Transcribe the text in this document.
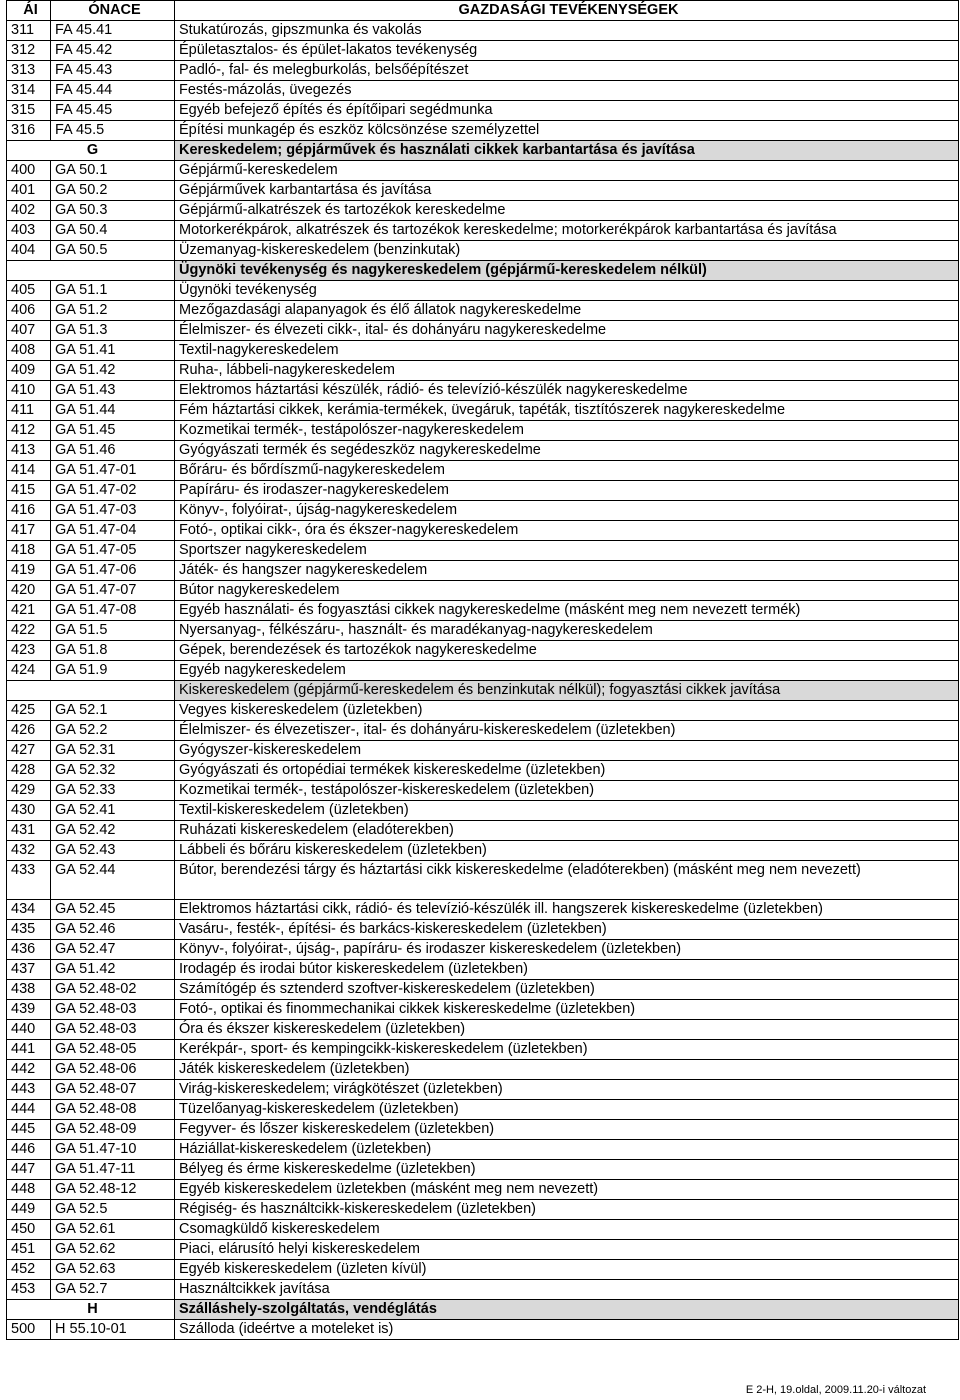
ÁI	ÓNACE	GAZDASÁGI TEVÉKENYSÉGEK
311	FA 45.41	Stukatúrozás, gipszmunka és vakolás
312	FA 45.42	Épületasztalos- és épület-lakatos tevékenység
313	FA 45.43	Padló-, fal- és melegburkolás, belsőépítészet
314	FA 45.44	Festés-mázolás, üvegezés
315	FA 45.45	Egyéb befejező építés és építőipari segédmunka
316	FA 45.5	Építési munkagép és eszköz kölcsönzése személyzettel
G		Kereskedelem; gépjárművek és használati cikkek karbantartása és javítása
400	GA 50.1	Gépjármű-kereskedelem
401	GA 50.2	Gépjárművek karbantartása és javítása
402	GA 50.3	Gépjármű-alkatrészek és tartozékok kereskedelme
403	GA 50.4	Motorkerékpárok, alkatrészek és tartozékok kereskedelme; motorkerékpárok karbantartása és javítása
404	GA 50.5	Üzemanyag-kiskereskedelem (benzinkutak)
		Ügynöki tevékenység és nagykereskedelem (gépjármű-kereskedelem nélkül)
405	GA 51.1	Ügynöki tevékenység
406	GA 51.2	Mezőgazdasági alapanyagok és élő állatok nagykereskedelme
407	GA 51.3	Élelmiszer- és élvezeti cikk-, ital- és dohányáru nagykereskedelme
408	GA 51.41	Textil-nagykereskedelem
409	GA 51.42	Ruha-, lábbeli-nagykereskedelem
410	GA 51.43	Elektromos háztartási készülék, rádió- és televízió-készülék nagykereskedelme
411	GA 51.44	Fém háztartási cikkek, kerámia-termékek, üvegáruk, tapéták, tisztítószerek nagykereskedelme
412	GA 51.45	Kozmetikai termék-, testápolószer-nagykereskedelem
413	GA 51.46	Gyógyászati termék és segédeszköz nagykereskedelme
414	GA 51.47-01	Bőráru- és bőrdíszmű-nagykereskedelem
415	GA 51.47-02	Papíráru- és irodaszer-nagykereskedelem
416	GA 51.47-03	Könyv-, folyóirat-, újság-nagykereskedelem
417	GA 51.47-04	Fotó-, optikai cikk-, óra és ékszer-nagykereskedelem
418	GA 51.47-05	Sportszer nagykereskedelem
419	GA 51.47-06	Játék- és hangszer nagykereskedelem
420	GA 51.47-07	Bútor nagykereskedelem
421	GA 51.47-08	Egyéb használati- és fogyasztási cikkek nagykereskedelme (másként meg nem nevezett termék)
422	GA 51.5	Nyersanyag-, félkészáru-, használt- és maradékanyag-nagykereskedelem
423	GA 51.8	Gépek, berendezések és tartozékok nagykereskedelme
424	GA 51.9	Egyéb nagykereskedelem
		Kiskereskedelem (gépjármű-kereskedelem és benzinkutak nélkül); fogyasztási cikkek javítása
425	GA 52.1	Vegyes kiskereskedelem (üzletekben)
426	GA 52.2	Élelmiszer- és élvezetiszer-, ital- és dohányáru-kiskereskedelem (üzletekben)
427	GA 52.31	Gyógyszer-kiskereskedelem
428	GA 52.32	Gyógyászati és ortopédiai termékek kiskereskedelme (üzletekben)
429	GA 52.33	Kozmetikai termék-, testápolószer-kiskereskedelem (üzletekben)
430	GA 52.41	Textil-kiskereskedelem (üzletekben)
431	GA 52.42	Ruházati kiskereskedelem (eladóterekben)
432	GA 52.43	Lábbeli és bőráru kiskereskedelem (üzletekben)
433	GA 52.44	Bútor, berendezési tárgy és háztartási cikk kiskereskedelme (eladóterekben) (másként meg nem nevezett)
434	GA 52.45	Elektromos háztartási cikk, rádió- és televízió-készülék ill. hangszerek kiskereskedelme (üzletekben)
435	GA 52.46	Vasáru-, festék-, építési- és barkács-kiskereskedelem (üzletekben)
436	GA 52.47	Könyv-, folyóirat-, újság-, papíráru- és irodaszer kiskereskedelem (üzletekben)
437	GA 51.42	Irodagép és irodai bútor kiskereskedelem (üzletekben)
438	GA 52.48-02	Számítógép és sztenderd szoftver-kiskereskedelem (üzletekben)
439	GA 52.48-03	Fotó-, optikai és finommechanikai cikkek kiskereskedelme (üzletekben)
440	GA 52.48-03	Óra és ékszer kiskereskedelem (üzletekben)
441	GA 52.48-05	Kerékpár-, sport- és kempingcikk-kiskereskedelem (üzletekben)
442	GA 52.48-06	Játék kiskereskedelem (üzletekben)
443	GA 52.48-07	Virág-kiskereskedelem; virágkötészet (üzletekben)
444	GA 52.48-08	Tüzelőanyag-kiskereskedelem (üzletekben)
445	GA 52.48-09	Fegyver- és lőszer kiskereskedelem (üzletekben)
446	GA 51.47-10	Háziállat-kiskereskedelem (üzletekben)
447	GA 51.47-11	Bélyeg és érme kiskereskedelme (üzletekben)
448	GA 52.48-12	Egyéb kiskereskedelem üzletekben (másként meg nem nevezett)
449	GA 52.5	Régiség- és használtcikk-kiskereskedelem (üzletekben)
450	GA 52.61	Csomagküldő kiskereskedelem
451	GA 52.62	Piaci, elárusító helyi kiskereskedelem
452	GA 52.63	Egyéb kiskereskedelem (üzleten kívül)
453	GA 52.7	Használtcikkek javítása
H		Szálláshely-szolgáltatás, vendéglátás
500	H 55.10-01	Szálloda (ideértve a moteleket is)
E 2-H, 19.oldal, 2009.11.20-i változat
